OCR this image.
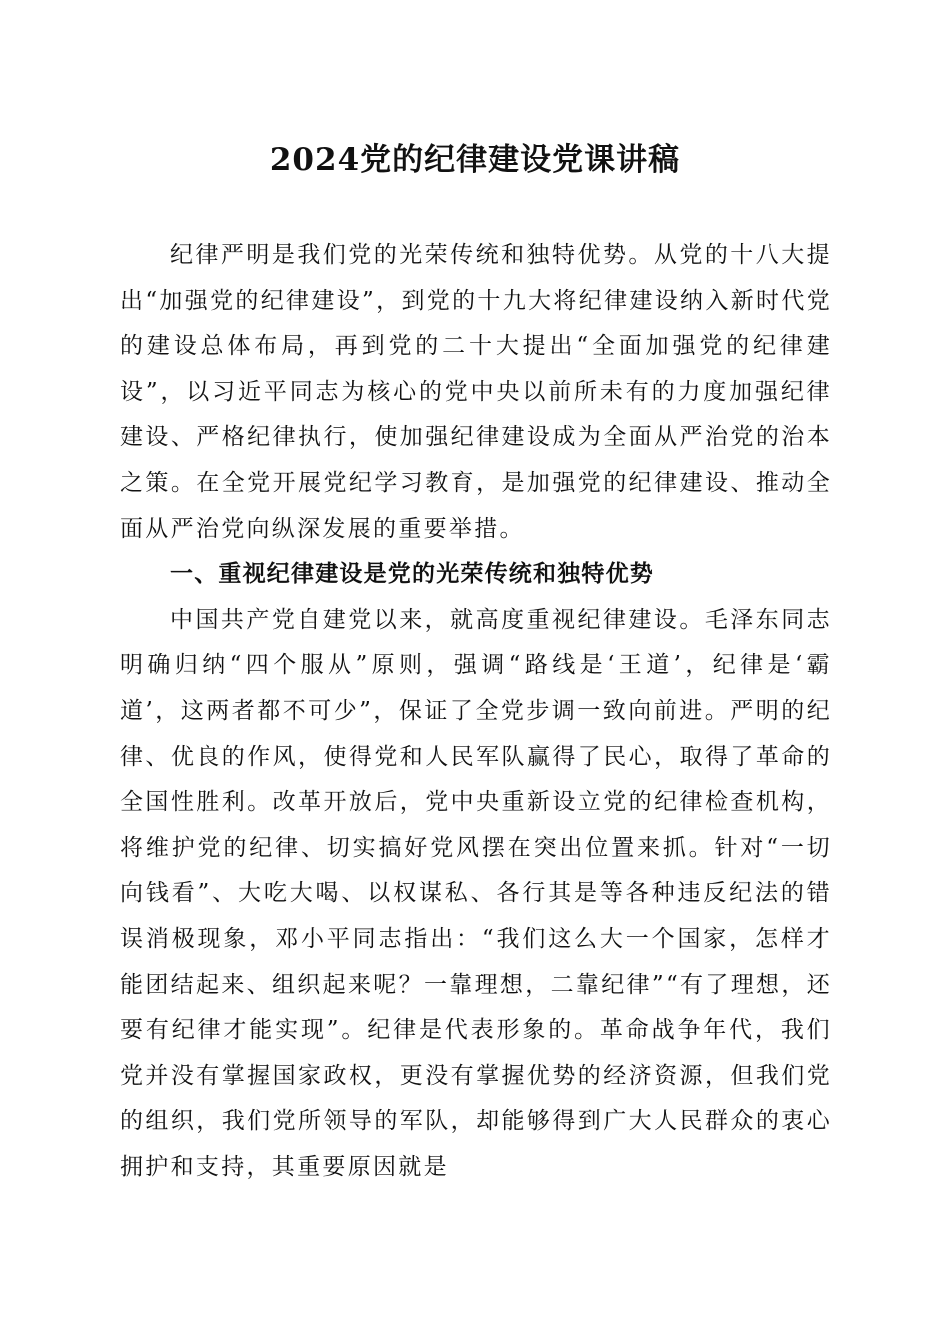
2024党的纪律建设党课讲稿

纪律严明是我们党的光荣传统和独特优势。从党的十八大提出“加强党的纪律建设”，到党的十九大将纪律建设纳入新时代党的建设总体布局，再到党的二十大提出“全面加强党的纪律建设”，以习近平同志为核心的党中央以前所未有的力度加强纪律建设、严格纪律执行，使加强纪律建设成为全面从严治党的治本之策。在全党开展党纪学习教育，是加强党的纪律建设、推动全面从严治党向纵深发展的重要举措。

一、重视纪律建设是党的光荣传统和独特优势

中国共产党自建党以来，就高度重视纪律建设。毛泽东同志明确归纳“四个服从”原则，强调“路线是‘王道’，纪律是‘霸道’，这两者都不可少”，保证了全党步调一致向前进。严明的纪律、优良的作风，使得党和人民军队赢得了民心，取得了革命的全国性胜利。改革开放后，党中央重新设立党的纪律检查机构，将维护党的纪律、切实搞好党风摆在突出位置来抓。针对“一切向钱看”、大吃大喝、以权谋私、各行其是等各种违反纪法的错误消极现象，邓小平同志指出：“我们这么大一个国家，怎样才能团结起来、组织起来呢？一靠理想，二靠纪律”“有了理想，还要有纪律才能实现”。纪律是代表形象的。革命战争年代，我们党并没有掌握国家政权，更没有掌握优势的经济资源，但我们党的组织，我们党所领导的军队，却能够得到广大人民群众的衷心拥护和支持，其重要原因就是
